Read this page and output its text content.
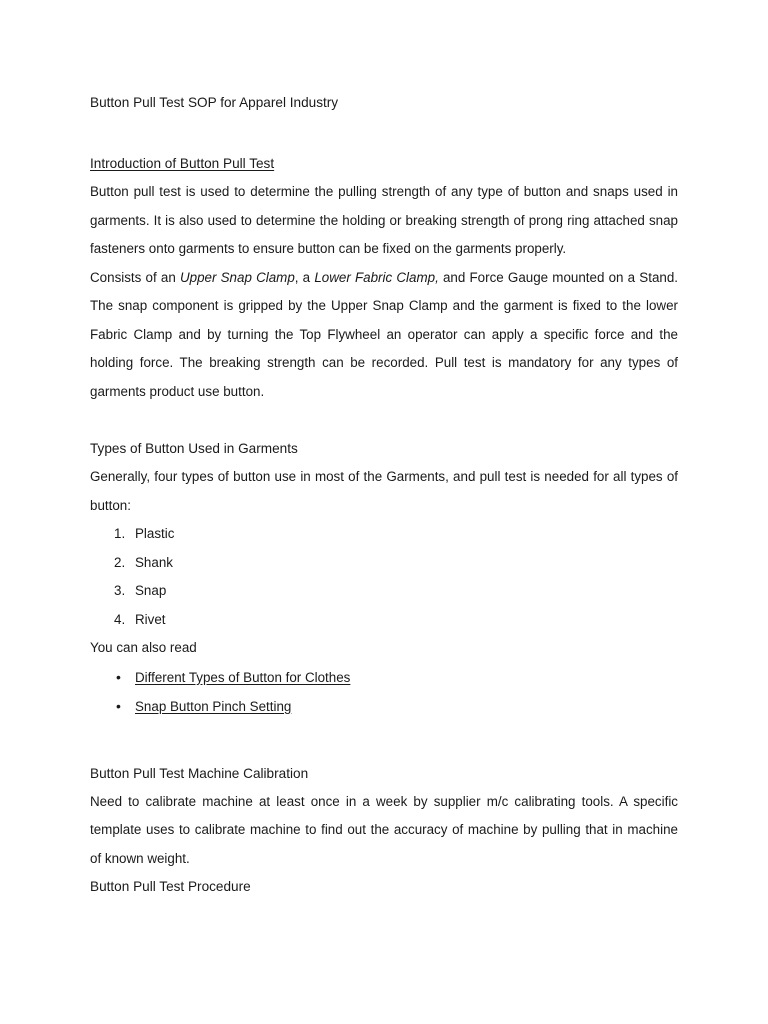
Button Pull Test SOP for Apparel Industry

Introduction of Button Pull Test

Button pull test is used to determine the pulling strength of any type of button and snaps used in garments. It is also used to determine the holding or breaking strength of prong ring attached snap fasteners onto garments to ensure button can be fixed on the garments properly.

Consists of an Upper Snap Clamp, a Lower Fabric Clamp, and Force Gauge mounted on a Stand. The snap component is gripped by the Upper Snap Clamp and the garment is fixed to the lower Fabric Clamp and by turning the Top Flywheel an operator can apply a specific force and the holding force. The breaking strength can be recorded. Pull test is mandatory for any types of garments product use button.

Types of Button Used in Garments

Generally, four types of button use in most of the Garments, and pull test is needed for all types of button:

1. Plastic
2. Shank
3. Snap
4. Rivet

You can also read

• Different Types of Button for Clothes
• Snap Button Pinch Setting

Button Pull Test Machine Calibration

Need to calibrate machine at least once in a week by supplier m/c calibrating tools. A specific template uses to calibrate machine to find out the accuracy of machine by pulling that in machine of known weight.

Button Pull Test Procedure
